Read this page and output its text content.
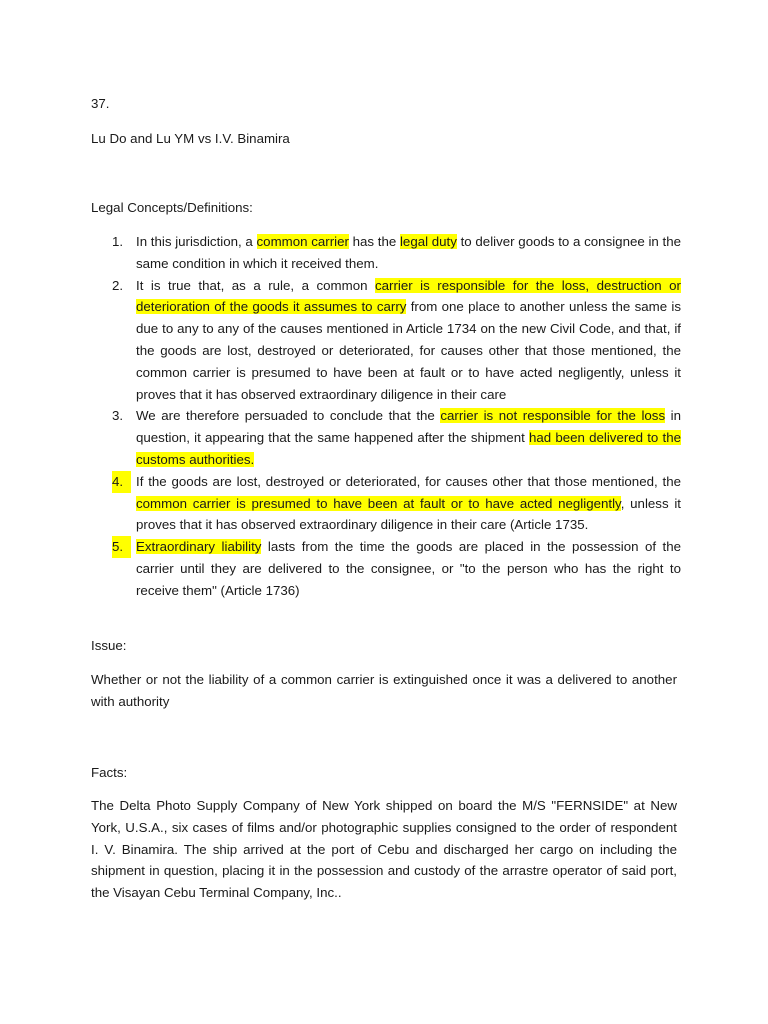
37.
Lu Do and Lu YM vs I.V. Binamira
Legal Concepts/Definitions:
1. In this jurisdiction, a common carrier has the legal duty to deliver goods to a consignee in the same condition in which it received them.
2. It is true that, as a rule, a common carrier is responsible for the loss, destruction or deterioration of the goods it assumes to carry from one place to another unless the same is due to any to any of the causes mentioned in Article 1734 on the new Civil Code, and that, if the goods are lost, destroyed or deteriorated, for causes other that those mentioned, the common carrier is presumed to have been at fault or to have acted negligently, unless it proves that it has observed extraordinary diligence in their care
3. We are therefore persuaded to conclude that the carrier is not responsible for the loss in question, it appearing that the same happened after the shipment had been delivered to the customs authorities.
4. If the goods are lost, destroyed or deteriorated, for causes other that those mentioned, the common carrier is presumed to have been at fault or to have acted negligently, unless it proves that it has observed extraordinary diligence in their care (Article 1735.
5. Extraordinary liability lasts from the time the goods are placed in the possession of the carrier until they are delivered to the consignee, or "to the person who has the right to receive them" (Article 1736)
Issue:

Whether or not the liability of a common carrier is extinguished once it was a delivered to another with authority

Facts:

The Delta Photo Supply Company of New York shipped on board the M/S "FERNSIDE" at New York, U.S.A., six cases of films and/or photographic supplies consigned to the order of respondent I. V. Binamira. The ship arrived at the port of Cebu and discharged her cargo on including the shipment in question, placing it in the possession and custody of the arrastre operator of said port, the Visayan Cebu Terminal Company, Inc..
